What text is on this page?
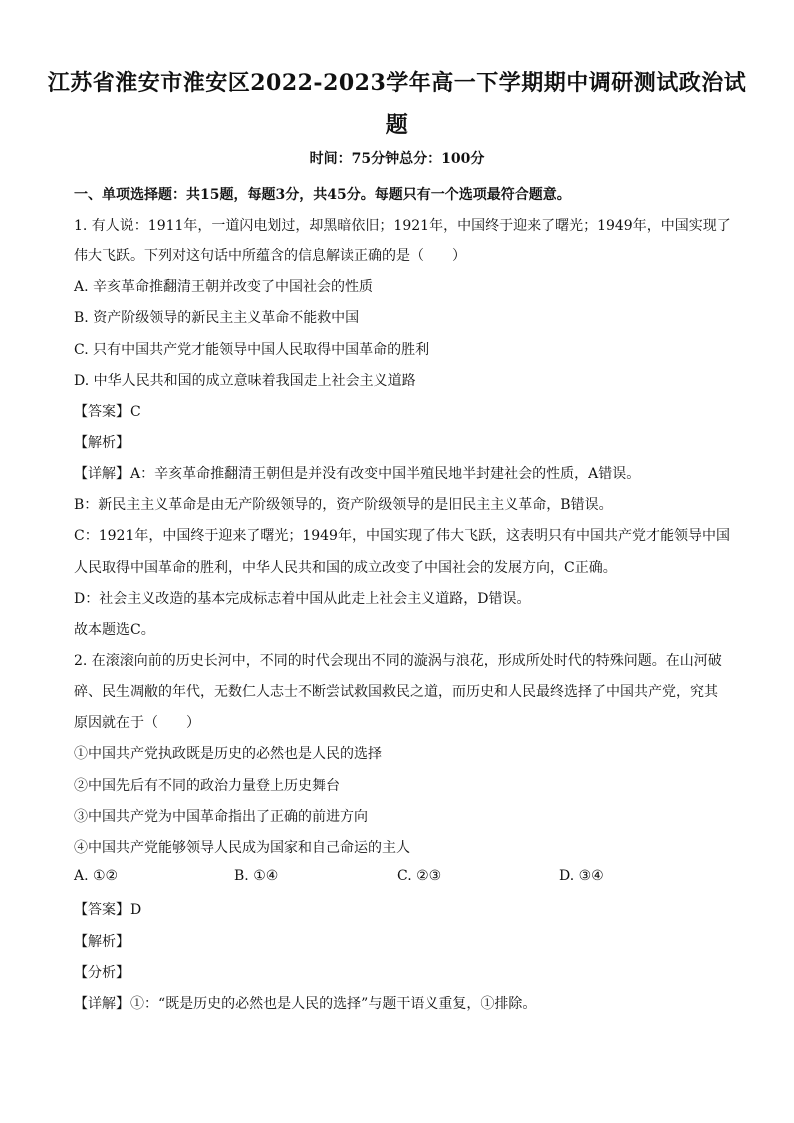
江苏省淮安市淮安区2022-2023学年高一下学期期中调研测试政治试
题
时间：75分钟总分：100分
一、单项选择题：共15题，每题3分，共45分。每题只有一个选项最符合题意。
1. 有人说：1911年，一道闪电划过，却黑暗依旧；1921年，中国终于迎来了曙光；1949年，中国实现了
伟大飞跃。下列对这句话中所蕴含的信息解读正确的是（　　）
A. 辛亥革命推翻清王朝并改变了中国社会的性质
B. 资产阶级领导的新民主主义革命不能救中国
C. 只有中国共产党才能领导中国人民取得中国革命的胜利
D. 中华人民共和国的成立意味着我国走上社会主义道路
【答案】C
【解析】
【详解】A：辛亥革命推翻清王朝但是并没有改变中国半殖民地半封建社会的性质，A错误。
B：新民主主义革命是由无产阶级领导的，资产阶级领导的是旧民主主义革命，B错误。
C：1921年，中国终于迎来了曙光；1949年，中国实现了伟大飞跃，这表明只有中国共产党才能领导中国
人民取得中国革命的胜利，中华人民共和国的成立改变了中国社会的发展方向，C正确。
D：社会主义改造的基本完成标志着中国从此走上社会主义道路，D错误。
故本题选C。
2. 在滚滚向前的历史长河中，不同的时代会现出不同的漩涡与浪花，形成所处时代的特殊问题。在山河破
碎、民生凋敝的年代，无数仁人志士不断尝试救国救民之道，而历史和人民最终选择了中国共产党，究其
原因就在于（　　）
①中国共产党执政既是历史的必然也是人民的选择
②中国先后有不同的政治力量登上历史舞台
③中国共产党为中国革命指出了正确的前进方向
④中国共产党能够领导人民成为国家和自己命运的主人
A. ①②	B. ①④	C. ②③	D. ③④
【答案】D
【解析】
【分析】
【详解】①：“既是历史的必然也是人民的选择”与题干语义重复，①排除。
